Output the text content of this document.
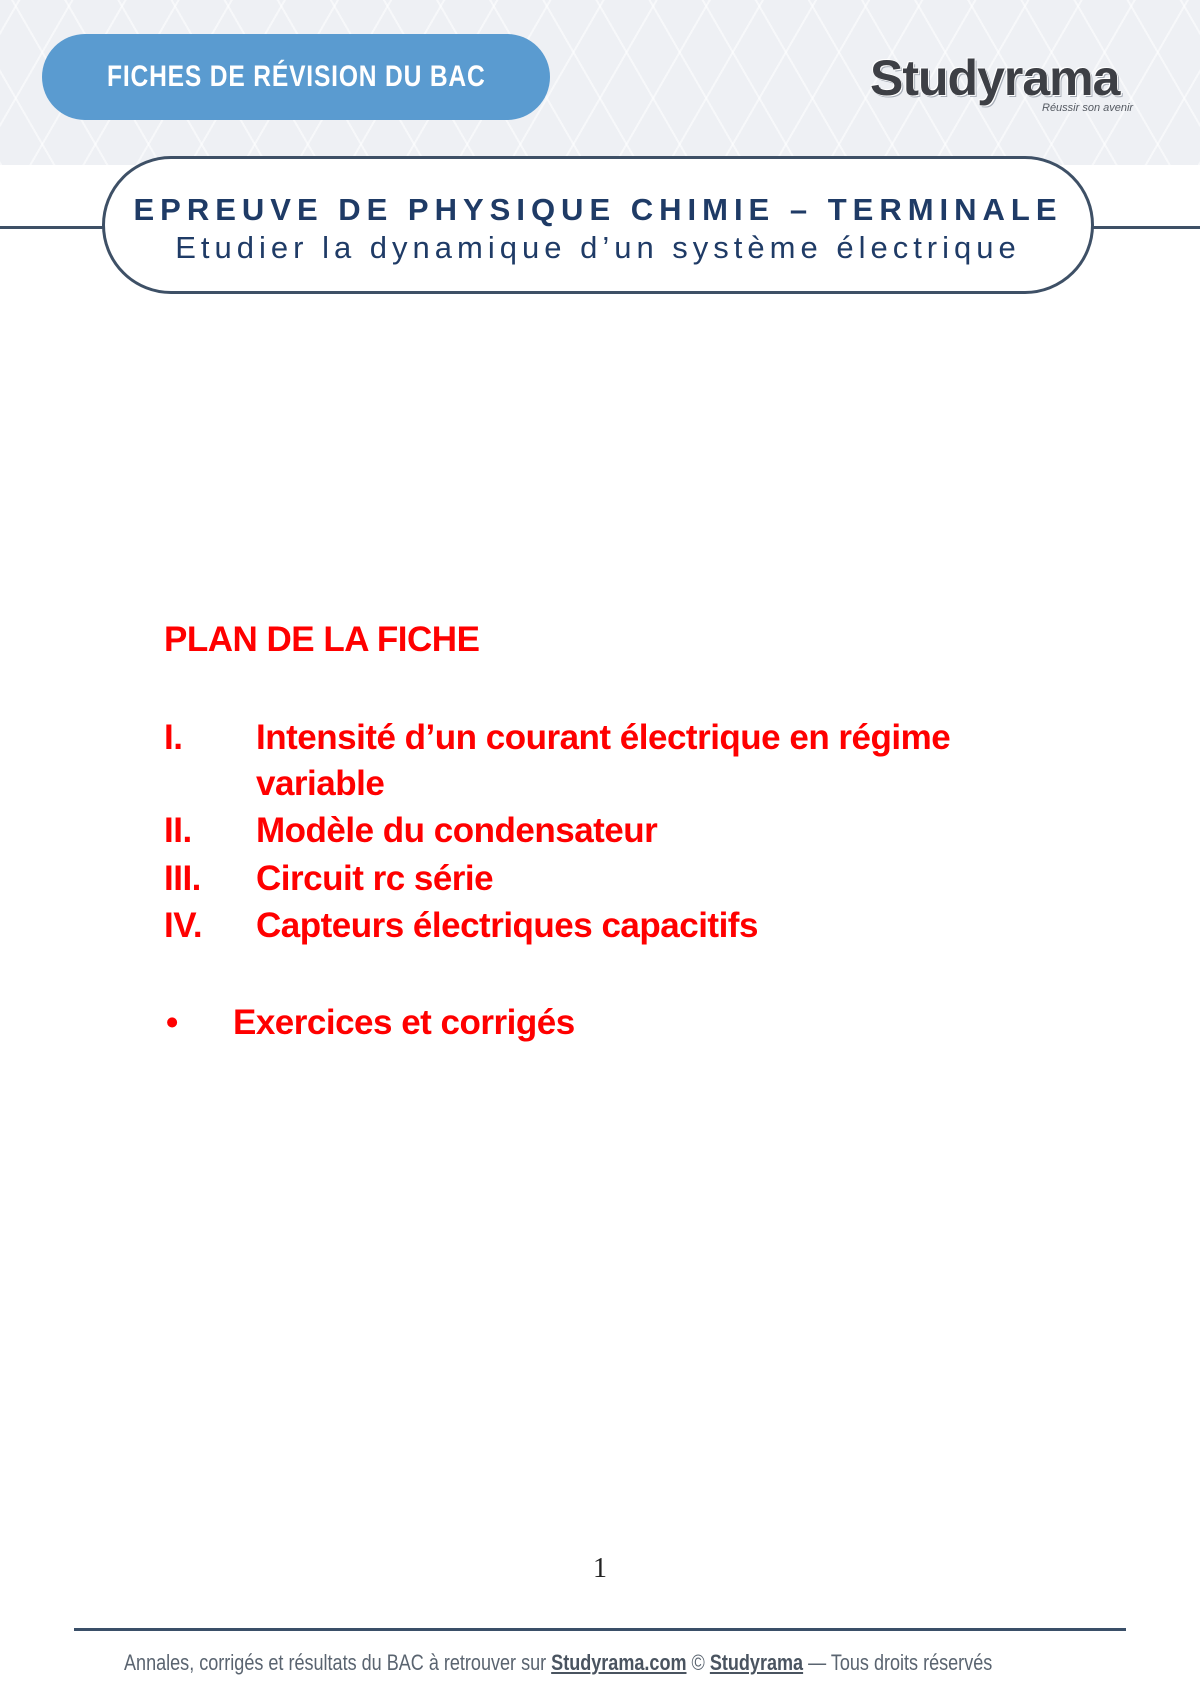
FICHES DE RÉVISION DU BAC	Studyrama
Réussir son avenir
EPREUVE DE PHYSIQUE CHIMIE – TERMINALE
Etudier la dynamique d’un système électrique
PLAN DE LA FICHE
I. Intensité d’un courant électrique en régime
variable
II. Modèle du condensateur
III. Circuit rc série
IV. Capteurs électriques capacitifs
• Exercices et corrigés
1
Annales, corrigés et résultats du BAC à retrouver sur Studyrama.com © Studyrama — Tous droits réservés
